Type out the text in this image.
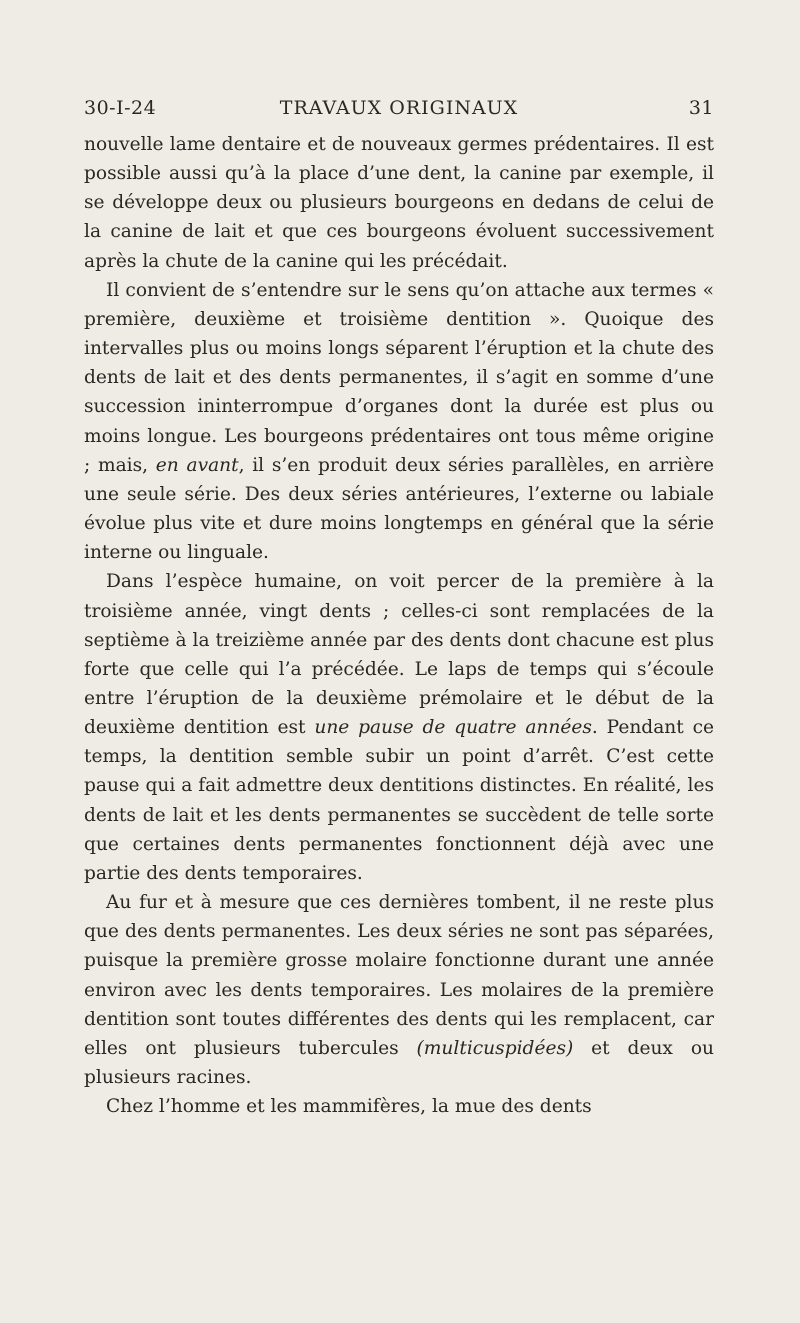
30-I-24	TRAVAUX ORIGINAUX	31

nouvelle lame dentaire et de nouveaux germes prédentaires. Il est possible aussi qu’à la place d’une dent, la canine par exemple, il se développe deux ou plusieurs bourgeons en dedans de celui de la canine de lait et que ces bourgeons évoluent successivement après la chute de la canine qui les précédait.

Il convient de s’entendre sur le sens qu’on attache aux termes « première, deuxième et troisième dentition ». Quoique des intervalles plus ou moins longs séparent l’éruption et la chute des dents de lait et des dents permanentes, il s’agit en somme d’une succession ininterrompue d’organes dont la durée est plus ou moins longue. Les bourgeons prédentaires ont tous même origine ; mais, en avant, il s’en produit deux séries parallèles, en arrière une seule série. Des deux séries antérieures, l’externe ou labiale évolue plus vite et dure moins longtemps en général que la série interne ou linguale.

Dans l’espèce humaine, on voit percer de la première à la troisième année, vingt dents ; celles-ci sont remplacées de la septième à la treizième année par des dents dont chacune est plus forte que celle qui l’a précédée. Le laps de temps qui s’écoule entre l’éruption de la deuxième prémolaire et le début de la deuxième dentition est une pause de quatre années. Pendant ce temps, la dentition semble subir un point d’arrêt. C’est cette pause qui a fait admettre deux dentitions distinctes. En réalité, les dents de lait et les dents permanentes se succèdent de telle sorte que certaines dents permanentes fonctionnent déjà avec une partie des dents temporaires.

Au fur et à mesure que ces dernières tombent, il ne reste plus que des dents permanentes. Les deux séries ne sont pas séparées, puisque la première grosse molaire fonctionne durant une année environ avec les dents temporaires. Les molaires de la première dentition sont toutes différentes des dents qui les remplacent, car elles ont plusieurs tubercules (multicuspidées) et deux ou plusieurs racines.

Chez l’homme et les mammifères, la mue des dents
